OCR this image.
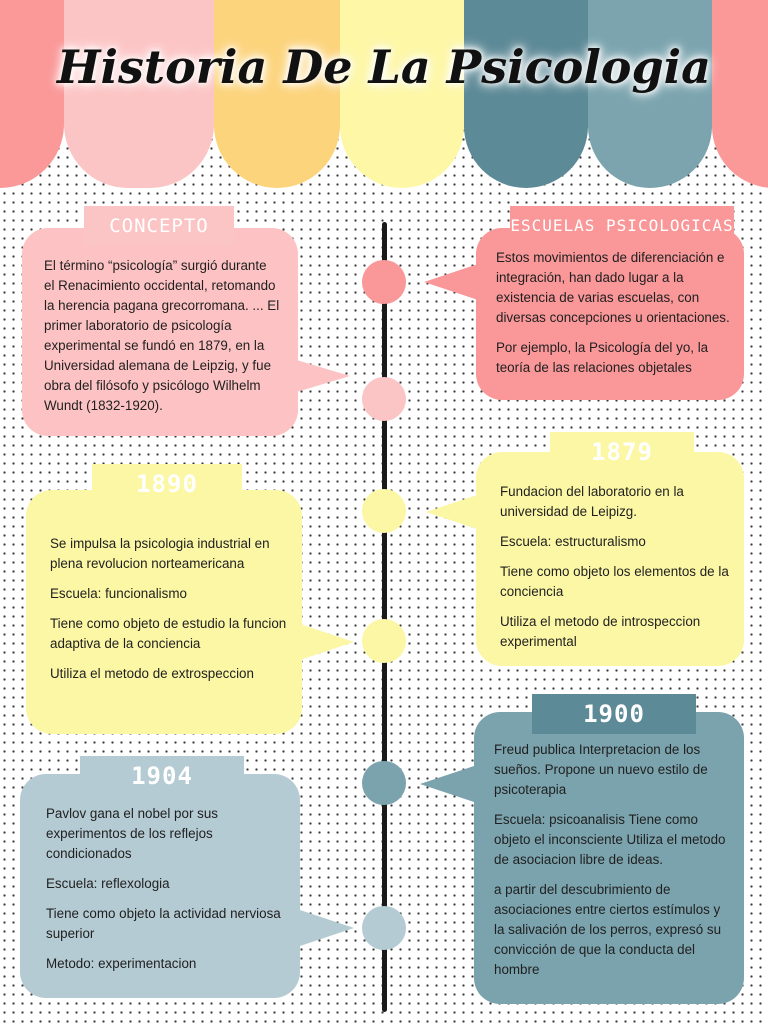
Historia De La Psicologia

El término “psicología” surgió durante el Renacimiento occidental, retomando la herencia pagana grecorromana. ... El primer laboratorio de psicología experimental se fundó en 1879, en la Universidad alemana de Leipzig, y fue obra del filósofo y psicólogo Wilhelm Wundt (1832-1920).

CONCEPTO

Estos movimientos de diferenciación e integración, han dado lugar a la existencia de varias escuelas, con diversas concepciones u orientaciones.

Por ejemplo, la Psicología del yo, la teoría de las relaciones objetales

ESCUELAS PSICOLOGICAS

Fundacion del laboratorio en la universidad de Leipizg.

Escuela: estructuralismo

Tiene como objeto los elementos de la conciencia

Utiliza el metodo de introspeccion experimental

1879

Se impulsa la psicologia industrial en plena revolucion norteamericana

Escuela: funcionalismo

Tiene como objeto de estudio la funcion adaptiva de la conciencia

Utiliza el metodo de extrospeccion

1890

Freud publica Interpretacion de los sueños. Propone un nuevo estilo de psicoterapia

Escuela: psicoanalisis Tiene como objeto el inconsciente Utiliza el metodo de asociacion libre de ideas.

a partir del descubrimiento de asociaciones entre ciertos estímulos y la salivación de los perros, expresó su convicción de que la conducta del hombre

1900

Pavlov gana el nobel por sus experimentos de los reflejos condicionados

Escuela: reflexologia

Tiene como objeto la actividad nerviosa superior

Metodo: experimentacion

1904
